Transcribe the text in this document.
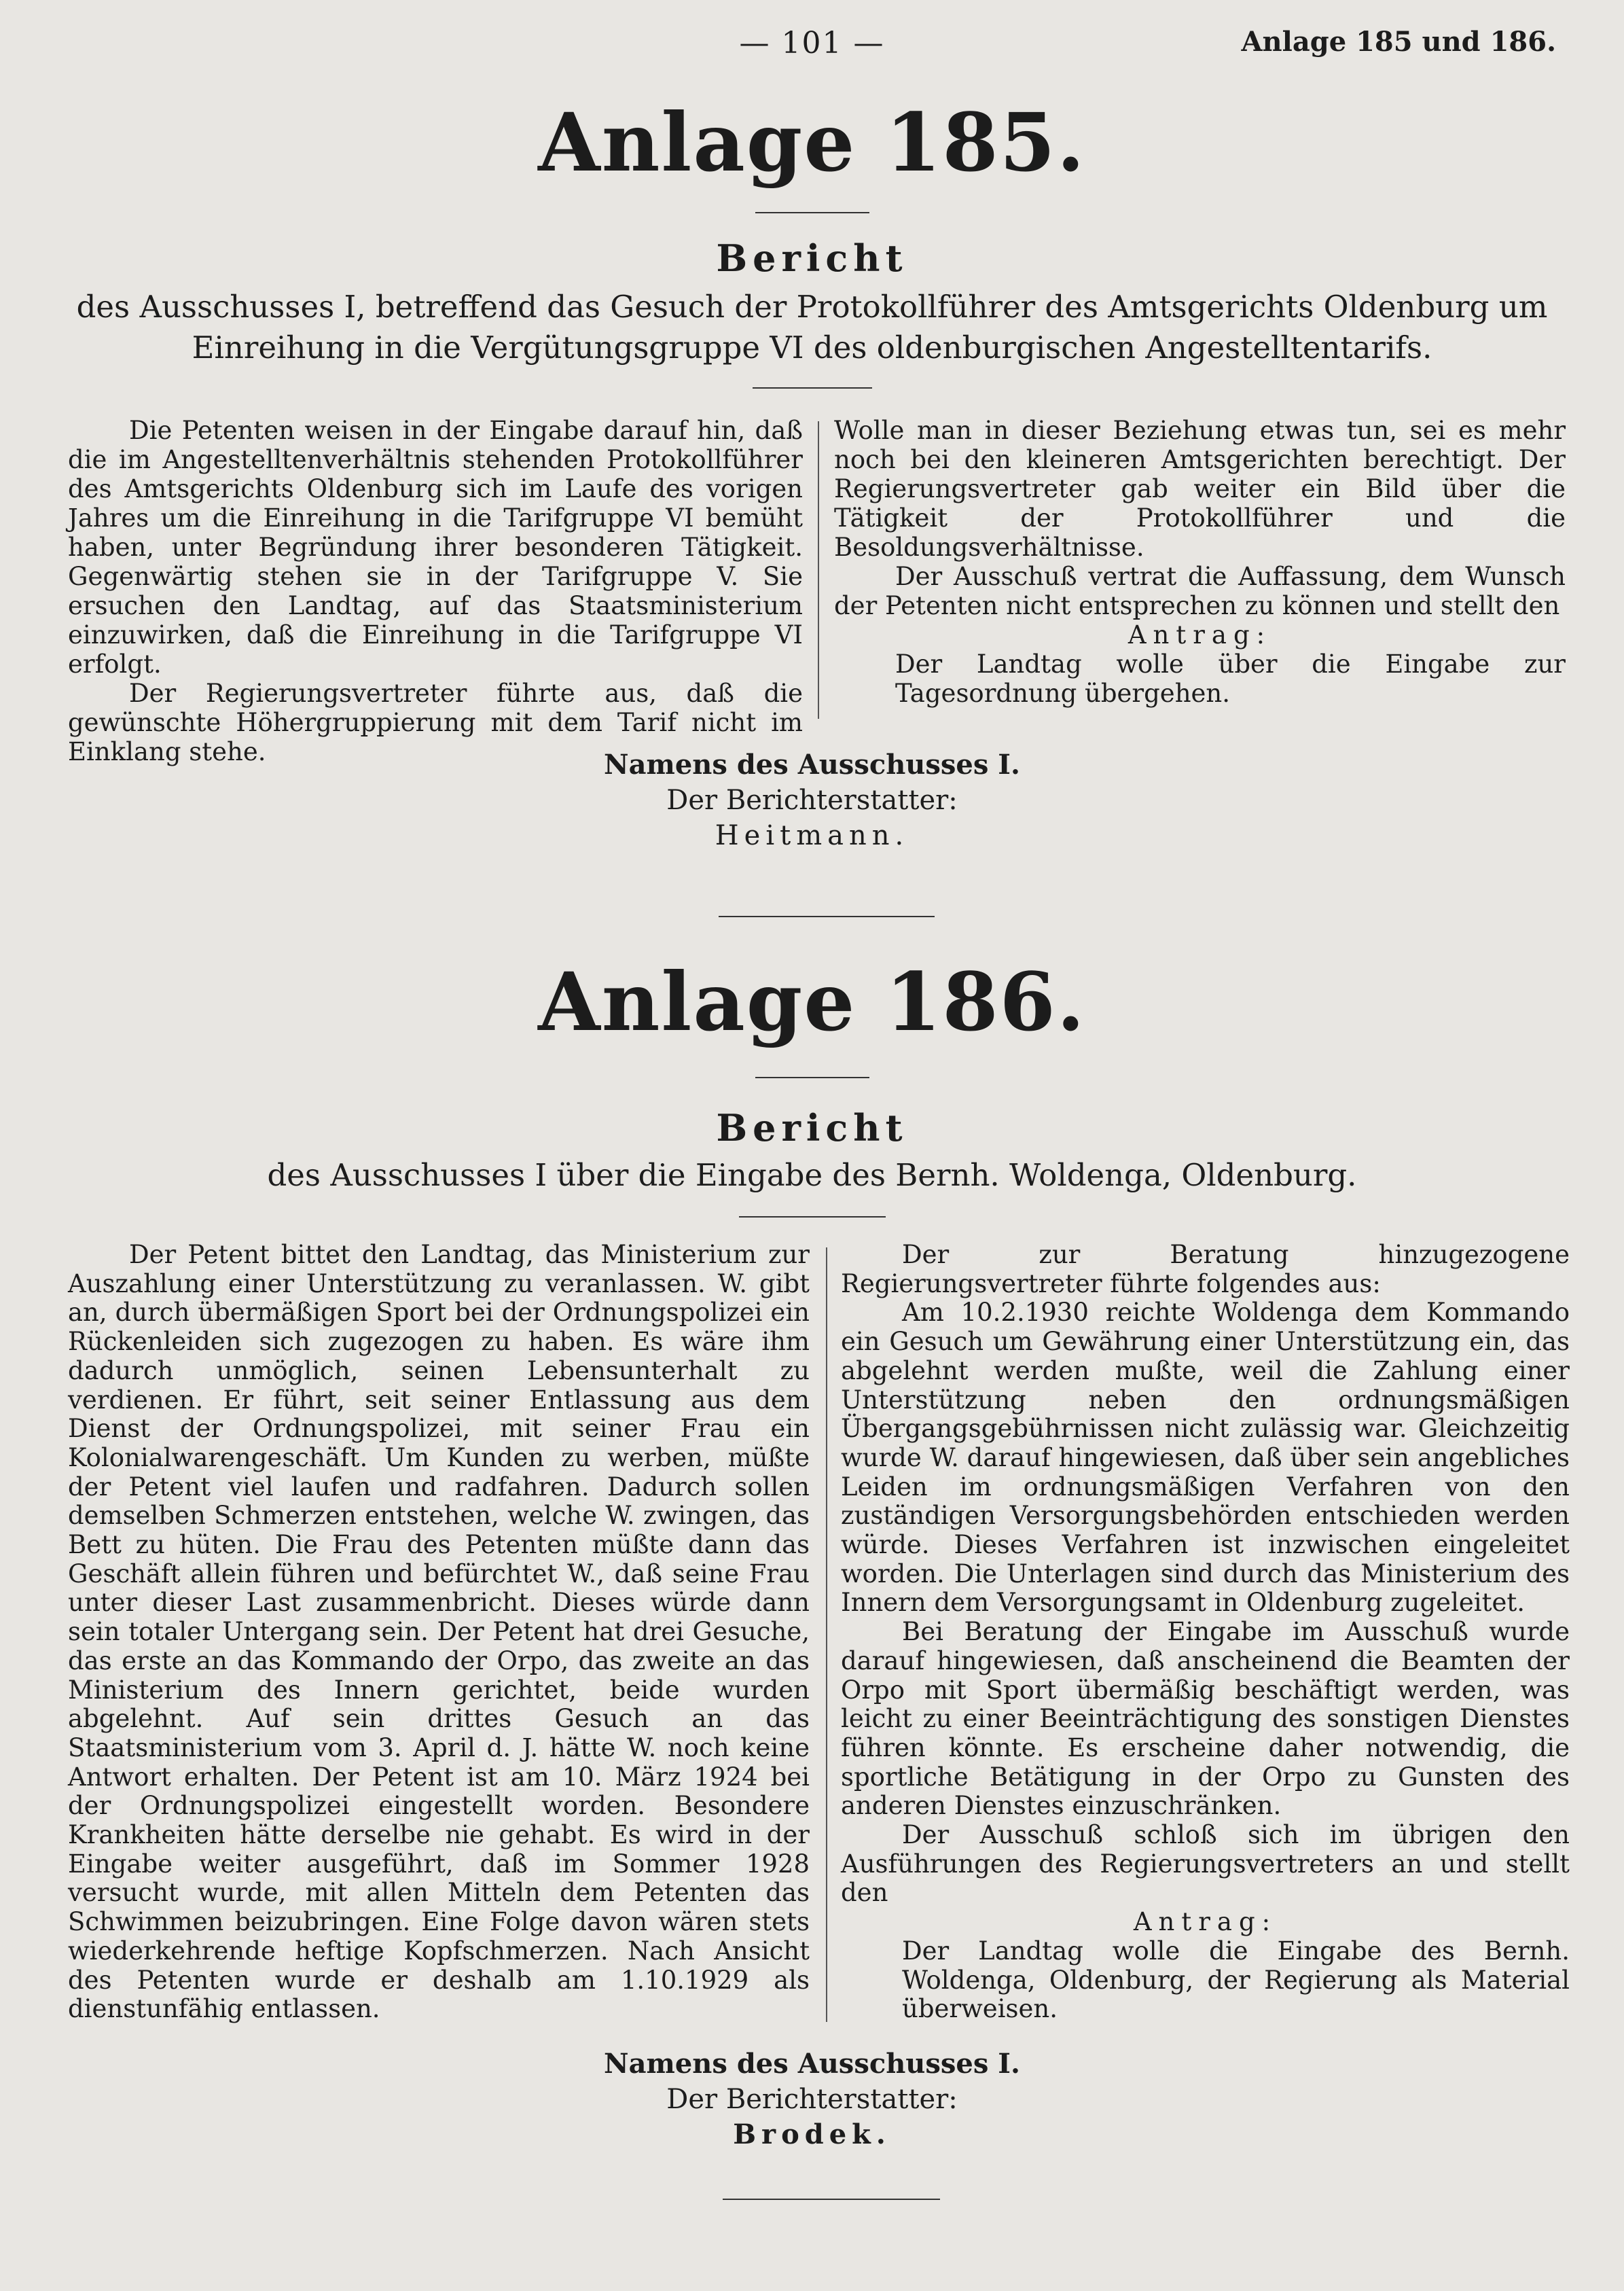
— 101 —	Anlage 185 und 186.
Anlage 185.
Bericht
des Ausschusses I, betreffend das Gesuch der Protokollführer des Amtsgerichts Oldenburg um Einreihung in die Vergütungsgruppe VI des oldenburgischen Angestelltentarifs.

Die Petenten weisen in der Eingabe darauf hin, daß die im Angestelltenverhältnis stehenden Protokollführer des Amtsgerichts Oldenburg sich im Laufe des vorigen Jahres um die Einreihung in die Tarifgruppe VI bemüht haben, unter Begründung ihrer besonderen Tätigkeit. Gegenwärtig stehen sie in der Tarifgruppe V. Sie ersuchen den Landtag, auf das Staatsministerium einzuwirken, daß die Einreihung in die Tarifgruppe VI erfolgt.

Der Regierungsvertreter führte aus, daß die gewünschte Höhergruppierung mit dem Tarif nicht im Einklang stehe.

Wolle man in dieser Beziehung etwas tun, sei es mehr noch bei den kleineren Amtsgerichten berechtigt. Der Regierungsvertreter gab weiter ein Bild über die Tätigkeit der Protokollführer und die Besoldungsverhältnisse.

Der Ausschuß vertrat die Auffassung, dem Wunsch der Petenten nicht entsprechen zu können und stellt den

Antrag:

Der Landtag wolle über die Eingabe zur Tagesordnung übergehen.

Namens des Ausschusses I.
Der Berichterstatter:
Heitmann.
Anlage 186.
Bericht
des Ausschusses I über die Eingabe des Bernh. Woldenga, Oldenburg.

Der Petent bittet den Landtag, das Ministerium zur Auszahlung einer Unterstützung zu veranlassen. W. gibt an, durch übermäßigen Sport bei der Ordnungspolizei ein Rückenleiden sich zugezogen zu haben. Es wäre ihm dadurch unmöglich, seinen Lebensunterhalt zu verdienen. Er führt, seit seiner Entlassung aus dem Dienst der Ordnungspolizei, mit seiner Frau ein Kolonialwarengeschäft. Um Kunden zu werben, müßte der Petent viel laufen und radfahren. Dadurch sollen demselben Schmerzen entstehen, welche W. zwingen, das Bett zu hüten. Die Frau des Petenten müßte dann das Geschäft allein führen und befürchtet W., daß seine Frau unter dieser Last zusammenbricht. Dieses würde dann sein totaler Untergang sein. Der Petent hat drei Gesuche, das erste an das Kommando der Orpo, das zweite an das Ministerium des Innern gerichtet, beide wurden abgelehnt. Auf sein drittes Gesuch an das Staatsministerium vom 3. April d. J. hätte W. noch keine Antwort erhalten. Der Petent ist am 10. März 1924 bei der Ordnungspolizei eingestellt worden. Besondere Krankheiten hätte derselbe nie gehabt. Es wird in der Eingabe weiter ausgeführt, daß im Sommer 1928 versucht wurde, mit allen Mitteln dem Petenten das Schwimmen beizubringen. Eine Folge davon wären stets wiederkehrende heftige Kopfschmerzen. Nach Ansicht des Petenten wurde er deshalb am 1.10.1929 als dienstunfähig entlassen.

Der zur Beratung hinzugezogene Regierungsvertreter führte folgendes aus:

Am 10.2.1930 reichte Woldenga dem Kommando ein Gesuch um Gewährung einer Unterstützung ein, das abgelehnt werden mußte, weil die Zahlung einer Unterstützung neben den ordnungsmäßigen Übergangsgebührnissen nicht zulässig war. Gleichzeitig wurde W. darauf hingewiesen, daß über sein angebliches Leiden im ordnungsmäßigen Verfahren von den zuständigen Versorgungsbehörden entschieden werden würde. Dieses Verfahren ist inzwischen eingeleitet worden. Die Unterlagen sind durch das Ministerium des Innern dem Versorgungsamt in Oldenburg zugeleitet.

Bei Beratung der Eingabe im Ausschuß wurde darauf hingewiesen, daß anscheinend die Beamten der Orpo mit Sport übermäßig beschäftigt werden, was leicht zu einer Beeinträchtigung des sonstigen Dienstes führen könnte. Es erscheine daher notwendig, die sportliche Betätigung in der Orpo zu Gunsten des anderen Dienstes einzuschränken.

Der Ausschuß schloß sich im übrigen den Ausführungen des Regierungsvertreters an und stellt den

Antrag:

Der Landtag wolle die Eingabe des Bernh. Woldenga, Oldenburg, der Regierung als Material überweisen.

Namens des Ausschusses I.
Der Berichterstatter:
Brodek.
